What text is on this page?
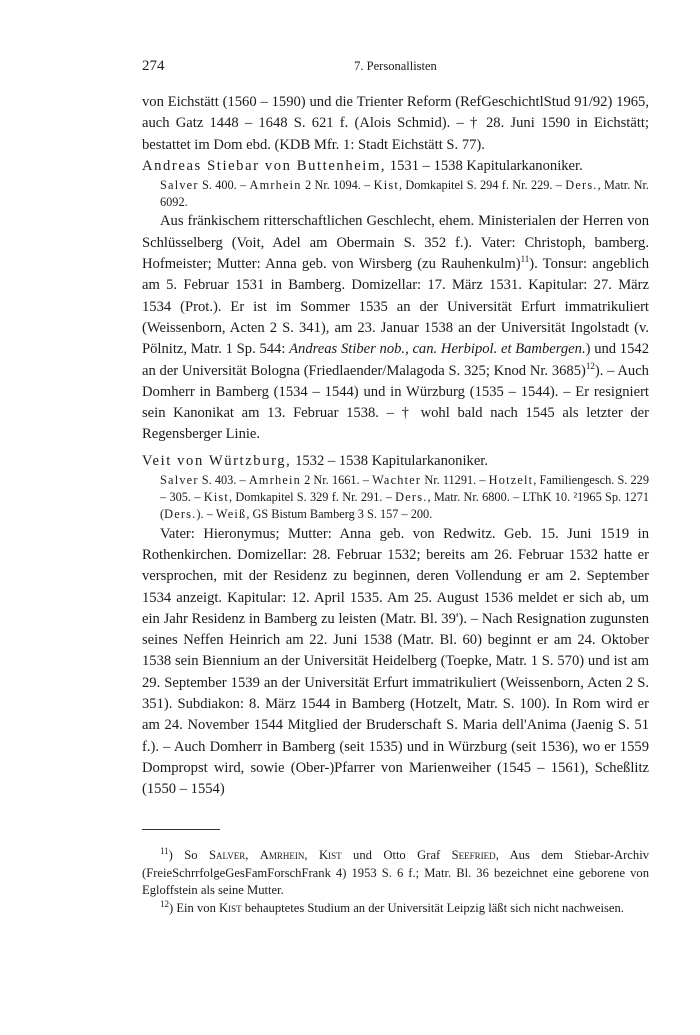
274	7. Personallisten

von Eichstätt (1560 – 1590) und die Trienter Reform (RefGeschichtlStud 91/92) 1965, auch Gatz 1448 – 1648 S. 621 f. (Alois Schmid). – † 28. Juni 1590 in Eichstätt; bestattet im Dom ebd. (KDB Mfr. 1: Stadt Eichstätt S. 77).

Andreas Stiebar von Buttenheim, 1531 – 1538 Kapitularkanoniker.
Salver S. 400. – Amrhein 2 Nr. 1094. – Kist, Domkapitel S. 294 f. Nr. 229. – Ders., Matr. Nr. 6092.

Aus fränkischem ritterschaftlichen Geschlecht, ehem. Ministerialen der Herren von Schlüsselberg (Voit, Adel am Obermain S. 352 f.). Vater: Christoph, bamberg. Hofmeister; Mutter: Anna geb. von Wirsberg (zu Rauhenkulm)$^{11}$). Tonsur: angeblich am 5. Februar 1531 in Bamberg. Domizellar: 17. März 1531. Kapitular: 27. März 1534 (Prot.). Er ist im Sommer 1535 an der Universität Erfurt immatrikuliert (Weissenborn, Acten 2 S. 341), am 23. Januar 1538 an der Universität Ingolstadt (v. Pölnitz, Matr. 1 Sp. 544: Andreas Stiber nob., can. Herbipol. et Bambergen.) und 1542 an der Universität Bologna (Friedlaender/Malagoda S. 325; Knod Nr. 3685)$^{12}$). – Auch Domherr in Bamberg (1534 – 1544) und in Würzburg (1535 – 1544). – Er resigniert sein Kanonikat am 13. Februar 1538. – † wohl bald nach 1545 als letzter der Regensberger Linie.

Veit von Würtzburg, 1532 – 1538 Kapitularkanoniker.
Salver S. 403. – Amrhein 2 Nr. 1661. – Wachter Nr. 11291. – Hotzelt, Familiengesch. S. 229 – 305. – Kist, Domkapitel S. 329 f. Nr. 291. – Ders., Matr. Nr. 6800. – LThK 10. ²1965 Sp. 1271 (Ders.). – Weiß, GS Bistum Bamberg 3 S. 157 – 200.

Vater: Hieronymus; Mutter: Anna geb. von Redwitz. Geb. 15. Juni 1519 in Rothenkirchen. Domizellar: 28. Februar 1532; bereits am 26. Februar 1532 hatte er versprochen, mit der Residenz zu beginnen, deren Vollendung er am 2. September 1534 anzeigt. Kapitular: 12. April 1535. Am 25. August 1536 meldet er sich ab, um ein Jahr Residenz in Bamberg zu leisten (Matr. Bl. 39'). – Nach Resignation zugunsten seines Neffen Heinrich am 22. Juni 1538 (Matr. Bl. 60) beginnt er am 24. Oktober 1538 sein Biennium an der Universität Heidelberg (Toepke, Matr. 1 S. 570) und ist am 29. September 1539 an der Universität Erfurt immatrikuliert (Weissenborn, Acten 2 S. 351). Subdiakon: 8. März 1544 in Bamberg (Hotzelt, Matr. S. 100). In Rom wird er am 24. November 1544 Mitglied der Bruderschaft S. Maria dell'Anima (Jaenig S. 51 f.). – Auch Domherr in Bamberg (seit 1535) und in Würzburg (seit 1536), wo er 1559 Dompropst wird, sowie (Ober-)Pfarrer von Marienweiher (1545 – 1561), Scheßlitz (1550 – 1554)

$^{11}$) So Salver, Amrhein, Kist und Otto Graf Seefried, Aus dem Stiebar-Archiv (FreieSchrrfolgeGesFamForschFrank 4) 1953 S. 6 f.; Matr. Bl. 36 bezeichnet eine geborene von Egloffstein als seine Mutter.

$^{12}$) Ein von Kist behauptetes Studium an der Universität Leipzig läßt sich nicht nachweisen.
